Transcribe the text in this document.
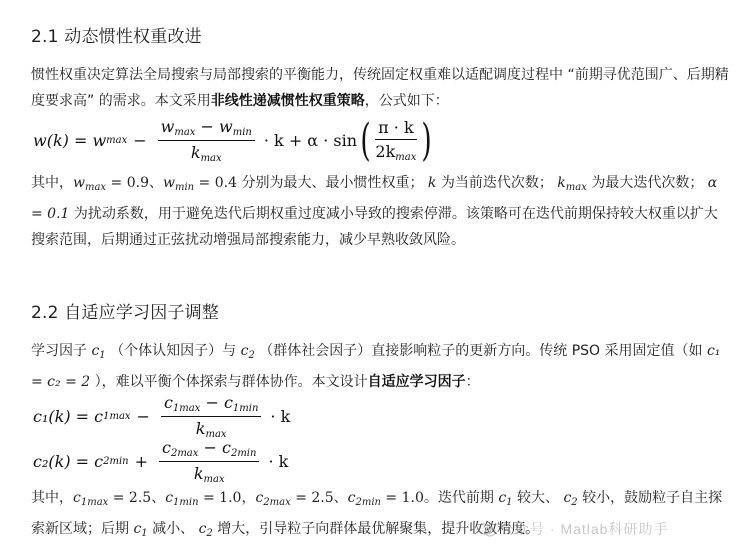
2.1 动态惯性权重改进

惯性权重决定算法全局搜索与局部搜索的平衡能力，传统固定权重难以适配调度过程中 “前期寻优范围广、后期精度要求高” 的需求。本文采用非线性递减惯性权重策略，公式如下：

w(k) = w $\max - \frac{w_{max} - w_{min}}{k_{max}} \cdot k + \alpha \cdot \sin$ ( $\frac{\pi \cdot k}{2k_{max}}$ )

其中，$w_{max} = 0.9$、$w_{min} = 0.4$ 分别为最大、最小惯性权重； k 为当前迭代次数； $k_{max}$ 为最大迭代次数； α = 0.1 为扰动系数，用于避免迭代后期权重过度减小导致的搜索停滞。该策略可在迭代前期保持较大权重以扩大搜索范围，后期通过正弦扰动增强局部搜索能力，减少早熟收敛风险。

2.2 自适应学习因子调整

学习因子 $c_1$ （个体认知因子）与 $c_2$ （群体社会因子）直接影响粒子的更新方向。传统 PSO 采用固定值（如 c₁ = c₂ = 2 ），难以平衡个体探索与群体协作。本文设计自适应学习因子：

c₁(k) = c $1\max - \frac{c_{1max} - c_{1min}}{k_{max}} \cdot k$
c₂(k) = c $2\min + \frac{c_{2max} - c_{2min}}{k_{max}} \cdot k$

其中，$c_{1max} = 2.5$、$c_{1min} = 1.0$，$c_{2max} = 2.5$、$c_{2min} = 1.0$。迭代前期 $c_1$ 较大、 $c_2$ 较小，鼓励粒子自主探索新区域；后期 $c_1$ 减小、 $c_2$ 增大，引导粒子向群体最优解聚集，提升收敛精度。

公众号 · Matlab科研助手
